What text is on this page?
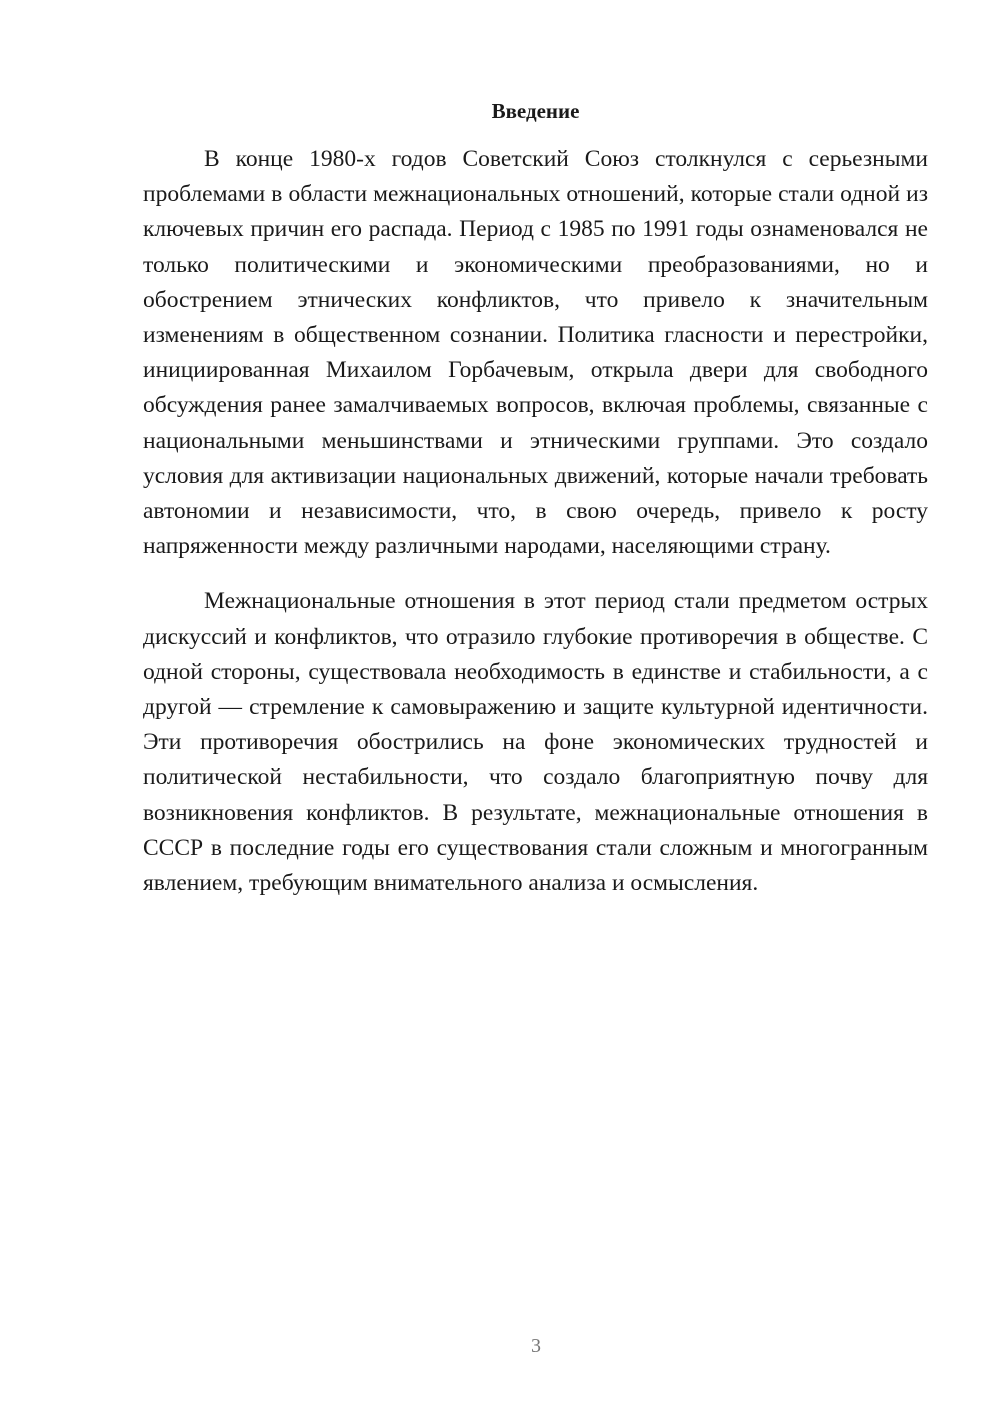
Введение

В конце 1980-х годов Советский Союз столкнулся с серьезными проблемами в области межнациональных отношений, которые стали одной из ключевых причин его распада. Период с 1985 по 1991 годы ознаменовался не только политическими и экономическими преобразованиями, но и обострением этнических конфликтов, что привело к значительным изменениям в общественном сознании. Политика гласности и перестройки, инициированная Михаилом Горбачевым, открыла двери для свободного обсуждения ранее замалчиваемых вопросов, включая проблемы, связанные с национальными меньшинствами и этническими группами. Это создало условия для активизации национальных движений, которые начали требовать автономии и независимости, что, в свою очередь, привело к росту напряженности между различными народами, населяющими страну.

Межнациональные отношения в этот период стали предметом острых дискуссий и конфликтов, что отразило глубокие противоречия в обществе. С одной стороны, существовала необходимость в единстве и стабильности, а с другой — стремление к самовыражению и защите культурной идентичности. Эти противоречия обострились на фоне экономических трудностей и политической нестабильности, что создало благоприятную почву для возникновения конфликтов. В результате, межнациональные отношения в СССР в последние годы его существования стали сложным и многогранным явлением, требующим внимательного анализа и осмысления.

3
